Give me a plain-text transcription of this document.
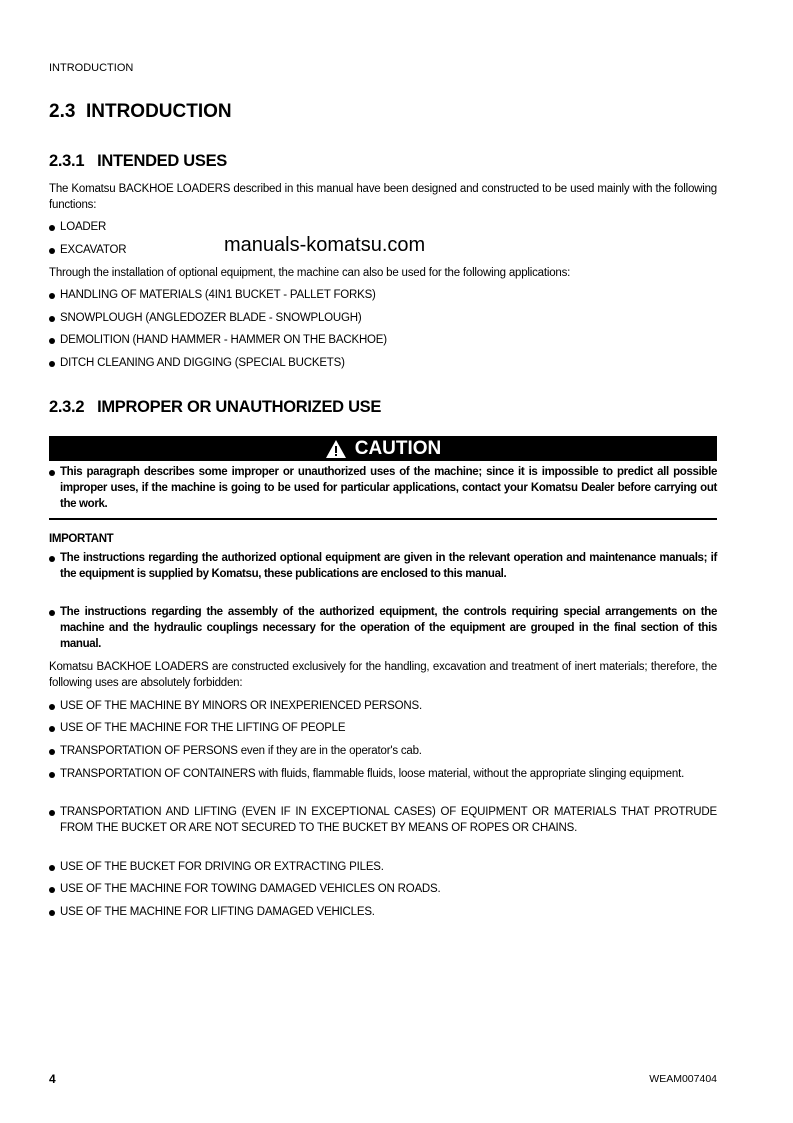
INTRODUCTION
2.3 INTRODUCTION
2.3.1 INTENDED USES
The Komatsu BACKHOE LOADERS described in this manual have been designed and constructed to be used mainly with the following functions:
LOADER
EXCAVATOR	manuals-komatsu.com
Through the installation of optional equipment, the machine can also be used for the following applications:
HANDLING OF MATERIALS (4IN1 BUCKET - PALLET FORKS)
SNOWPLOUGH (ANGLEDOZER BLADE - SNOWPLOUGH)
DEMOLITION (HAND HAMMER - HAMMER ON THE BACKHOE)
DITCH CLEANING AND DIGGING (SPECIAL BUCKETS)
2.3.2 IMPROPER OR UNAUTHORIZED USE
CAUTION
This paragraph describes some improper or unauthorized uses of the machine; since it is impossible to predict all possible improper uses, if the machine is going to be used for particular applications, contact your Komatsu Dealer before carrying out the work.
IMPORTANT
The instructions regarding the authorized optional equipment are given in the relevant operation and maintenance manuals; if the equipment is supplied by Komatsu, these publications are enclosed to this manual.
The instructions regarding the assembly of the authorized equipment, the controls requiring special arrangements on the machine and the hydraulic couplings necessary for the operation of the equipment are grouped in the final section of this manual.
Komatsu BACKHOE LOADERS are constructed exclusively for the handling, excavation and treatment of inert materials; therefore, the following uses are absolutely forbidden:
USE OF THE MACHINE BY MINORS OR INEXPERIENCED PERSONS.
USE OF THE MACHINE FOR THE LIFTING OF PEOPLE
TRANSPORTATION OF PERSONS even if they are in the operator's cab.
TRANSPORTATION OF CONTAINERS with fluids, flammable fluids, loose material, without the appropriate slinging equipment.
TRANSPORTATION AND LIFTING (EVEN IF IN EXCEPTIONAL CASES) OF EQUIPMENT OR MATERIALS THAT PROTRUDE FROM THE BUCKET OR ARE NOT SECURED TO THE BUCKET BY MEANS OF ROPES OR CHAINS.
USE OF THE BUCKET FOR DRIVING OR EXTRACTING PILES.
USE OF THE MACHINE FOR TOWING DAMAGED VEHICLES ON ROADS.
USE OF THE MACHINE FOR LIFTING DAMAGED VEHICLES.
4	WEAM007404
